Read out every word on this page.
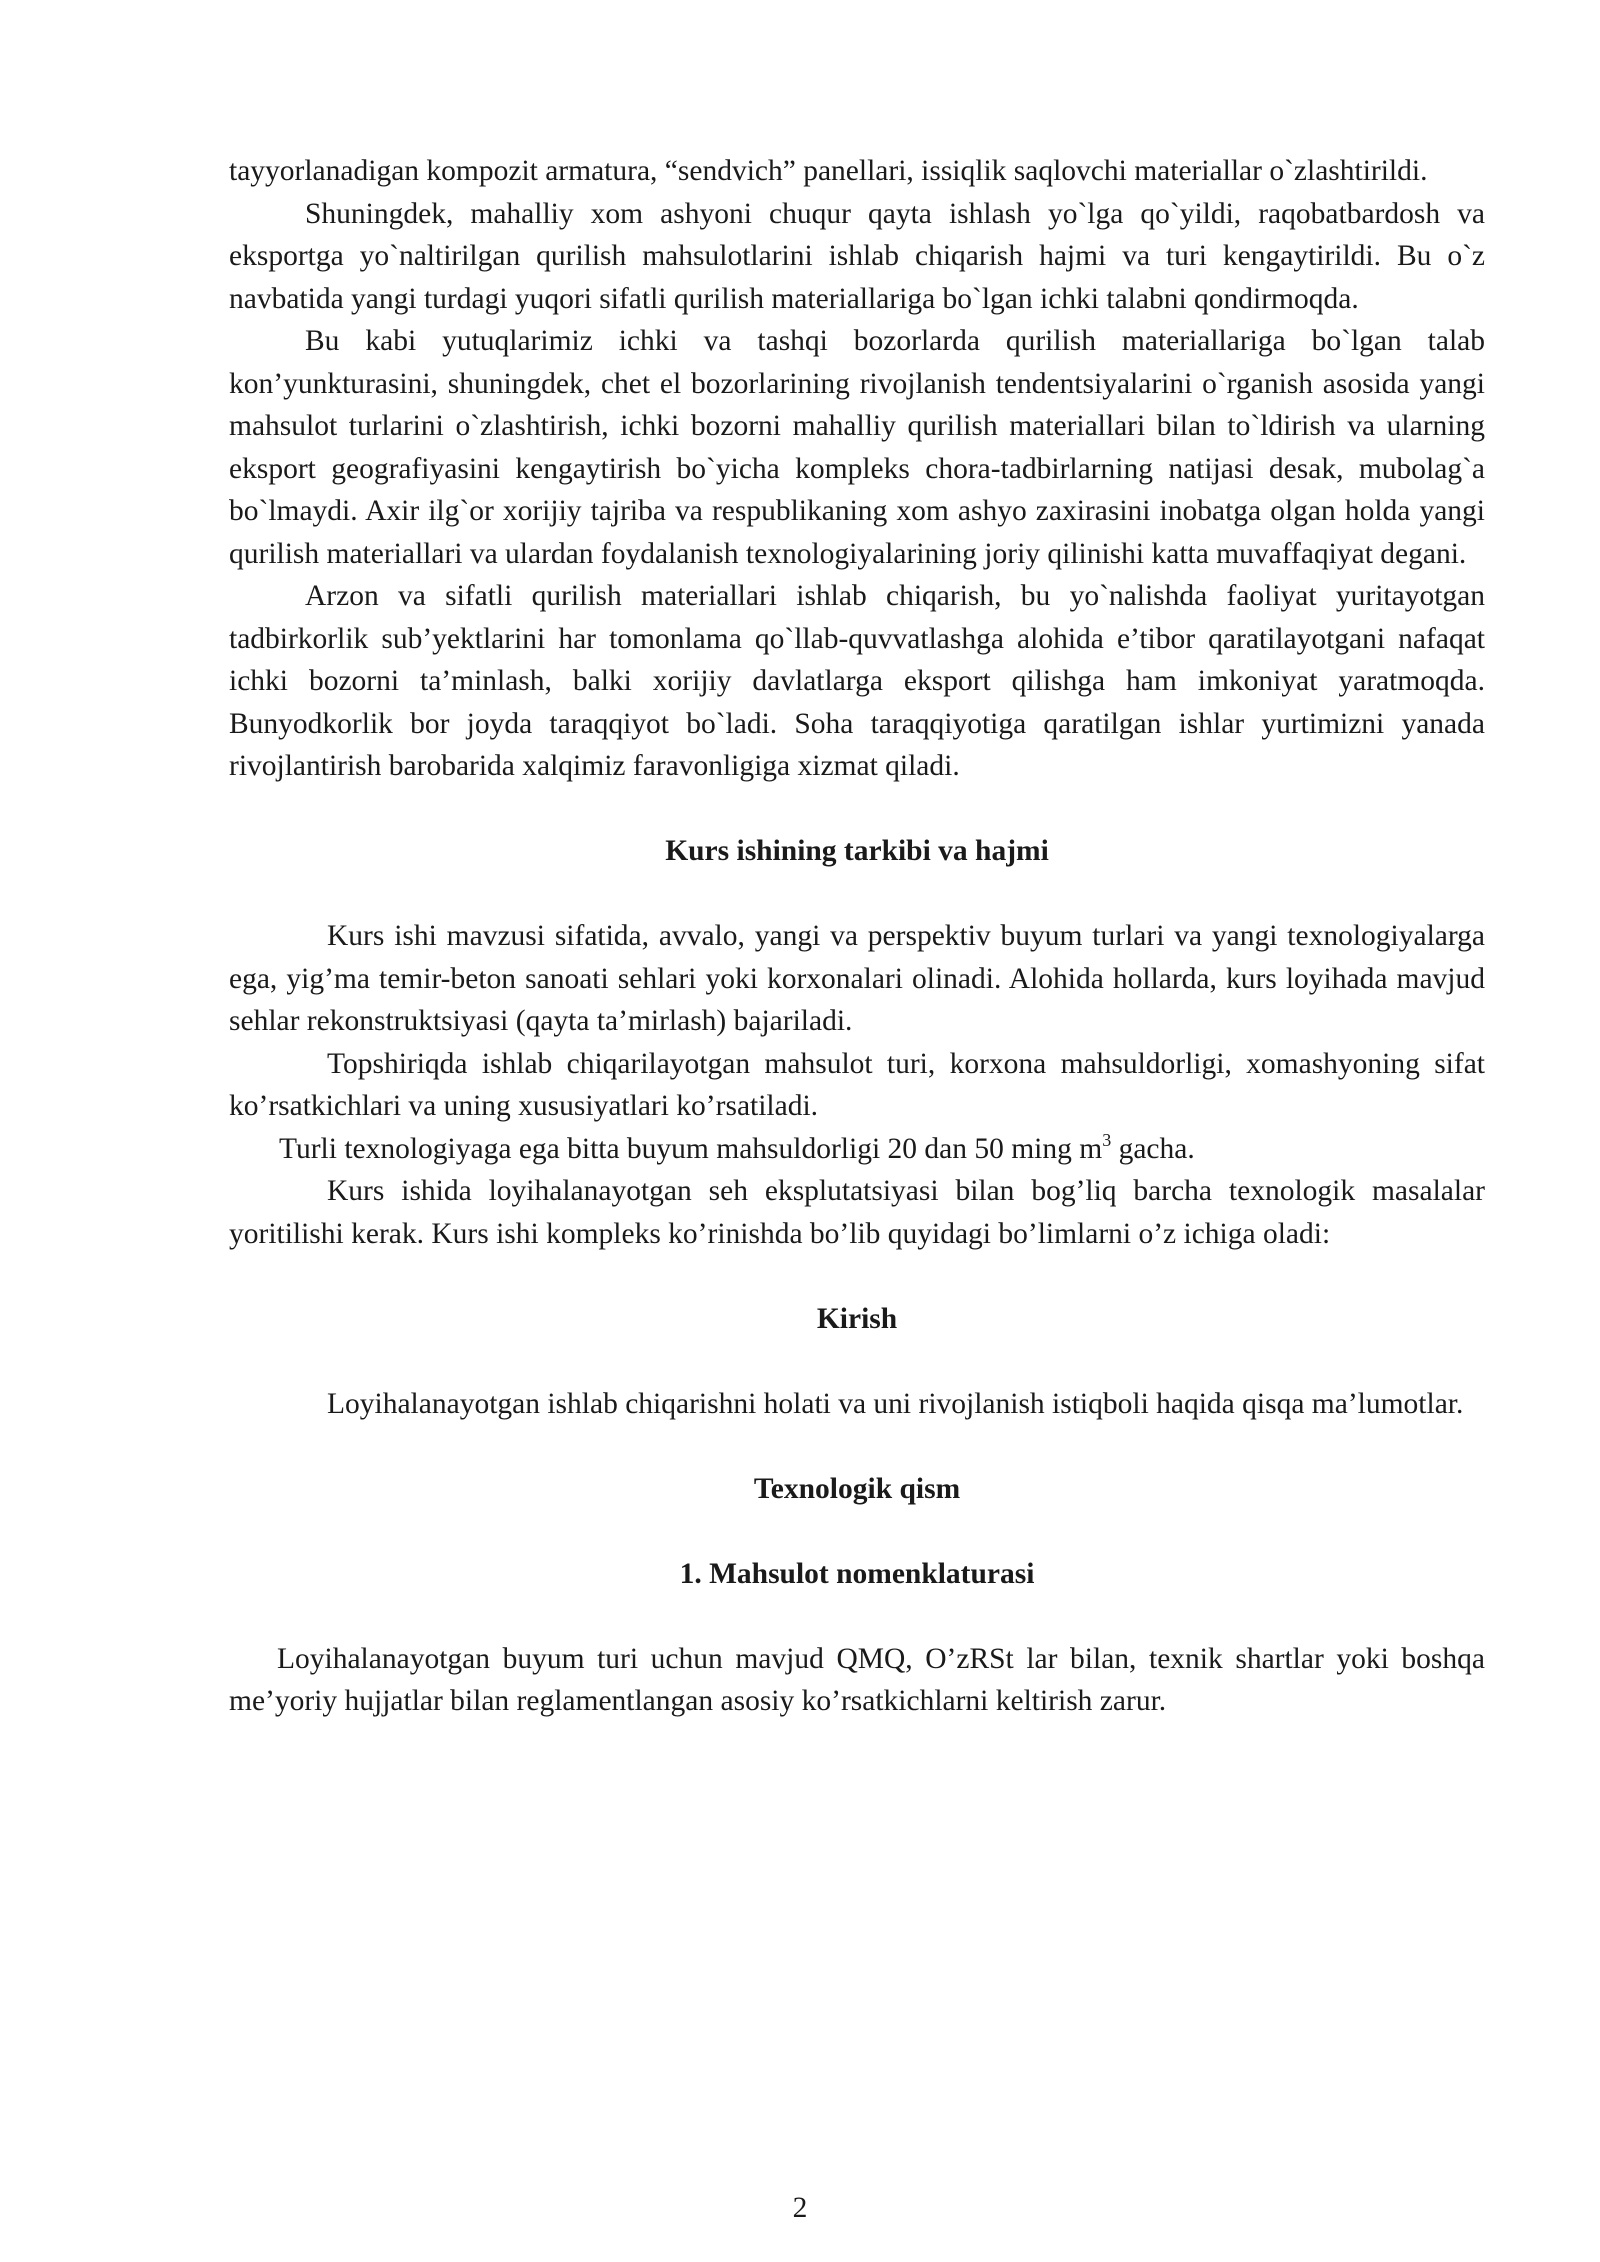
tayyorlanadigan kompozit armatura, “sendvich” panellari, issiqlik saqlovchi materiallar o`zlashtirildi.

Shuningdek, mahalliy xom ashyoni chuqur qayta ishlash yo`lga qo`yildi, raqobatbardosh va eksportga yo`naltirilgan qurilish mahsulotlarini ishlab chiqarish hajmi va turi kengaytirildi. Bu o`z navbatida yangi turdagi yuqori sifatli qurilish materiallariga bo`lgan ichki talabni qondirmoqda.

Bu kabi yutuqlarimiz ichki va tashqi bozorlarda qurilish materiallariga bo`lgan talab kon’yunkturasini, shuningdek, chet el bozorlarining rivojlanish tendentsiyalarini o`rganish asosida yangi mahsulot turlarini o`zlashtirish, ichki bozorni mahalliy qurilish materiallari bilan to`ldirish va ularning eksport geografiyasini kengaytirish bo`yicha kompleks chora-tadbirlarning natijasi desak, mubolag`a bo`lmaydi. Axir ilg`or xorijiy tajriba va respublikaning xom ashyo zaxirasini inobatga olgan holda yangi qurilish materiallari va ulardan foydalanish texnologiyalarining joriy qilinishi katta muvaffaqiyat degani.

Arzon va sifatli qurilish materiallari ishlab chiqarish, bu yo`nalishda faoliyat yuritayotgan tadbirkorlik sub’yektlarini har tomonlama qo`llab-quvvatlashga alohida e’tibor qaratilayotgani nafaqat ichki bozorni ta’minlash, balki xorijiy davlatlarga eksport qilishga ham imkoniyat yaratmoqda. Bunyodkorlik bor joyda taraqqiyot bo`ladi. Soha taraqqiyotiga qaratilgan ishlar yurtimizni yanada rivojlantirish barobarida xalqimiz faravonligiga xizmat qiladi.

Kurs ishining tarkibi va hajmi

Kurs ishi mavzusi sifatida, avvalo, yangi va perspektiv buyum turlari va yangi texnologiyalarga ega, yig’ma temir-beton sanoati sehlari yoki korxonalari olinadi. Alohida hollarda, kurs loyihada mavjud sehlar rekonstruktsiyasi (qayta ta’mirlash) bajariladi.

Topshiriqda ishlab chiqarilayotgan mahsulot turi, korxona mahsuldorligi, xomashyoning sifat ko’rsatkichlari va uning xususiyatlari ko’rsatiladi.

Turli texnologiyaga ega bitta buyum mahsuldorligi 20 dan 50 ming $m^3$ gacha.

Kurs ishida loyihalanayotgan seh eksplutatsiyasi bilan bog’liq barcha texnologik masalalar yoritilishi kerak. Kurs ishi kompleks ko’rinishda bo’lib quyidagi bo’limlarni o’z ichiga oladi:

Kirish

Loyihalanayotgan ishlab chiqarishni holati va uni rivojlanish istiqboli haqida qisqa ma’lumotlar.

Texnologik qism
1. Mahsulot nomenklaturasi

Loyihalanayotgan buyum turi uchun mavjud QMQ, O’zRSt lar bilan, texnik shartlar yoki boshqa me’yoriy hujjatlar bilan reglamentlangan asosiy ko’rsatkichlarni keltirish zarur.

2
